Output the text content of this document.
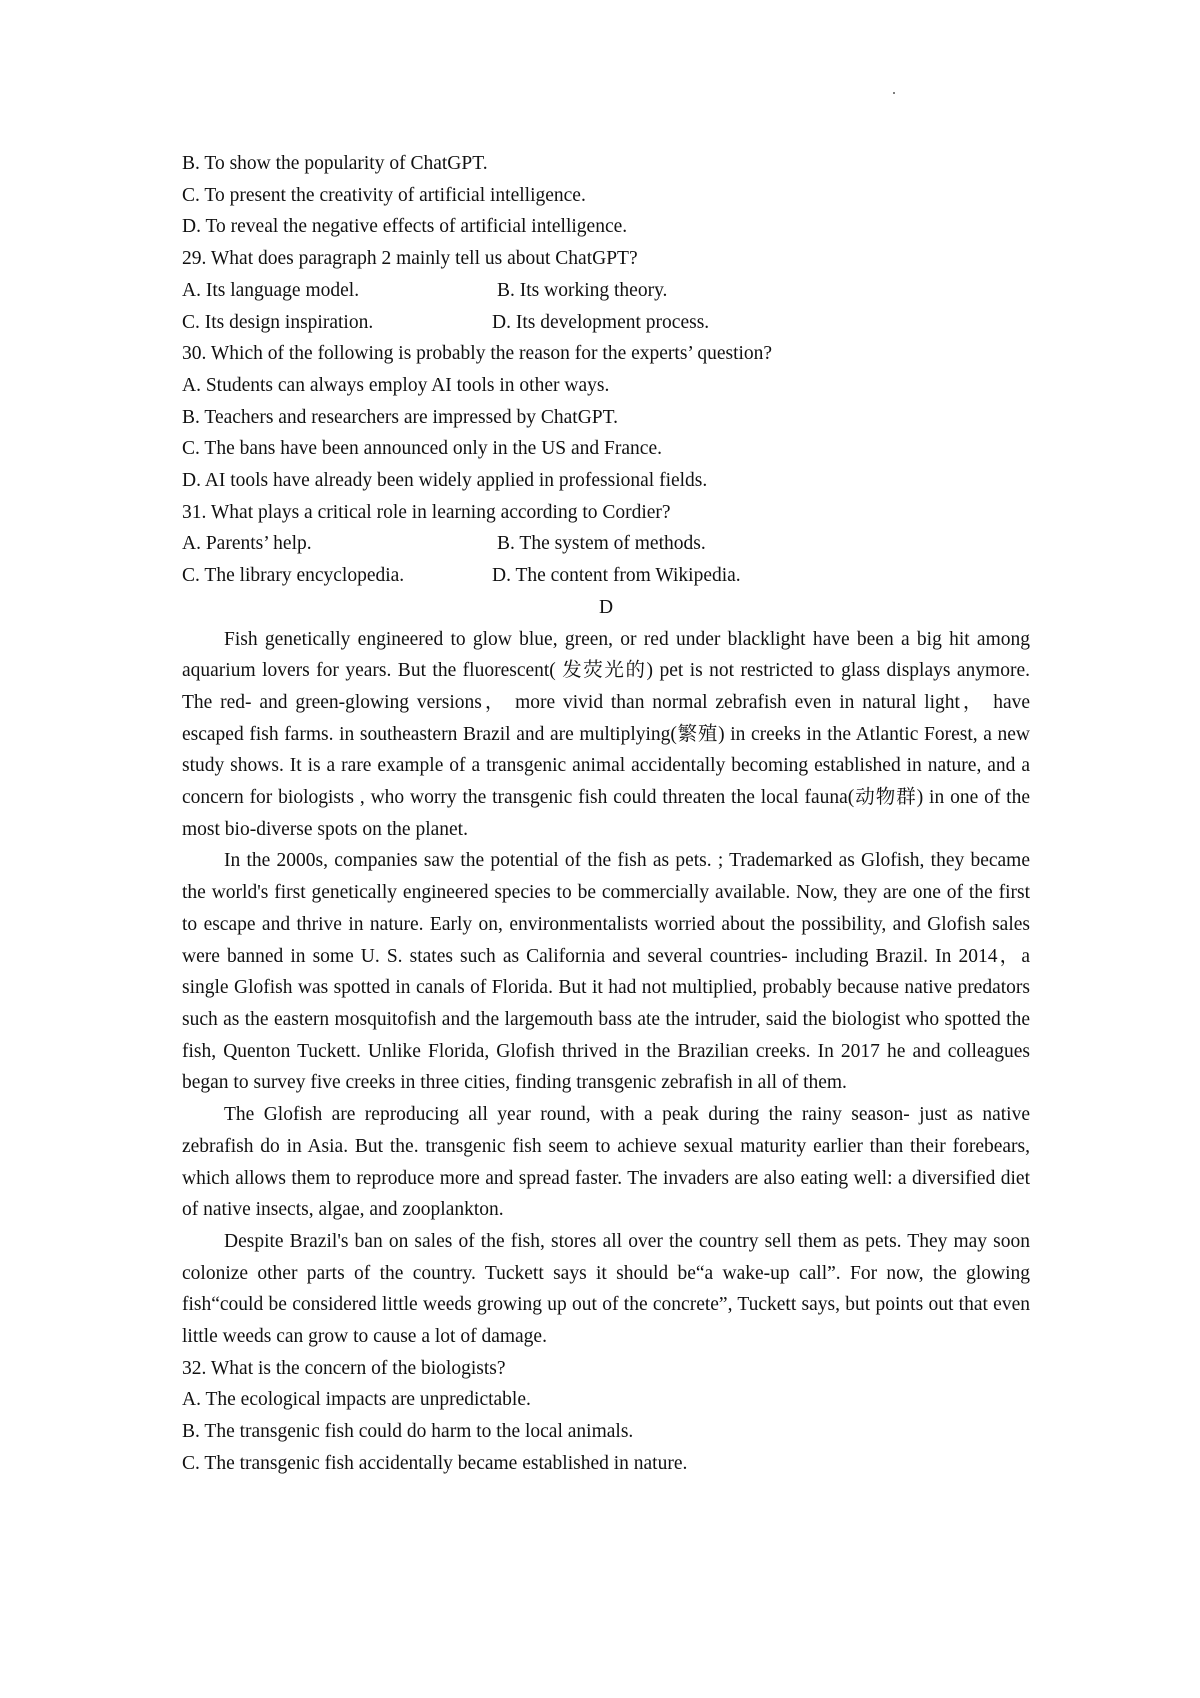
B. To show the popularity of ChatGPT.

C. To present the creativity of artificial intelligence.

D. To reveal the negative effects of artificial intelligence.

29. What does paragraph 2 mainly tell us about ChatGPT?

A. Its language model.	B. Its working theory.
C. Its design inspiration.	D. Its development process.

30. Which of the following is probably the reason for the experts’ question?

A. Students can always employ AI tools in other ways.

B. Teachers and researchers are impressed by ChatGPT.

C. The bans have been announced only in the US and France.

D. AI tools have already been widely applied in professional fields.

31. What plays a critical role in learning according to Cordier?

A. Parents’ help.	B. The system of methods.
C. The library encyclopedia.	D. The content from Wikipedia.

D

Fish genetically engineered to glow blue, green, or red under blacklight have been a big hit among aquarium lovers for years. But the fluorescent( 发荧光的) pet is not restricted to glass displays anymore. The red- and green-glowing versions， more vivid than normal zebrafish even in natural light， have escaped fish farms. in southeastern Brazil and are multiplying(繁殖) in creeks in the Atlantic Forest, a new study shows. It is a rare example of a transgenic animal accidentally becoming established in nature, and a concern for biologists , who worry the transgenic fish could threaten the local fauna(动物群) in one of the most bio-diverse spots on the planet.

In the 2000s, companies saw the potential of the fish as pets. ; Trademarked as Glofish, they became the world's first genetically engineered species to be commercially available. Now, they are one of the first to escape and thrive in nature. Early on, environmentalists worried about the possibility, and Glofish sales were banned in some U. S. states such as California and several countries- including Brazil. In 2014，a single Glofish was spotted in canals of Florida. But it had not multiplied, probably because native predators such as the eastern mosquitofish and the largemouth bass ate the intruder, said the biologist who spotted the fish, Quenton Tuckett. Unlike Florida, Glofish thrived in the Brazilian creeks. In 2017 he and colleagues began to survey five creeks in three cities, finding transgenic zebrafish in all of them.

The Glofish are reproducing all year round, with a peak during the rainy season- just as native zebrafish do in Asia. But the. transgenic fish seem to achieve sexual maturity earlier than their forebears, which allows them to reproduce more and spread faster. The invaders are also eating well: a diversified diet of native insects, algae, and zooplankton.

Despite Brazil's ban on sales of the fish, stores all over the country sell them as pets. They may soon colonize other parts of the country. Tuckett says it should be“a wake-up call”. For now, the glowing fish“could be considered little weeds growing up out of the concrete”, Tuckett says, but points out that even little weeds can grow to cause a lot of damage.

32. What is the concern of the biologists?

A. The ecological impacts are unpredictable.

B. The transgenic fish could do harm to the local animals.

C. The transgenic fish accidentally became established in nature.
